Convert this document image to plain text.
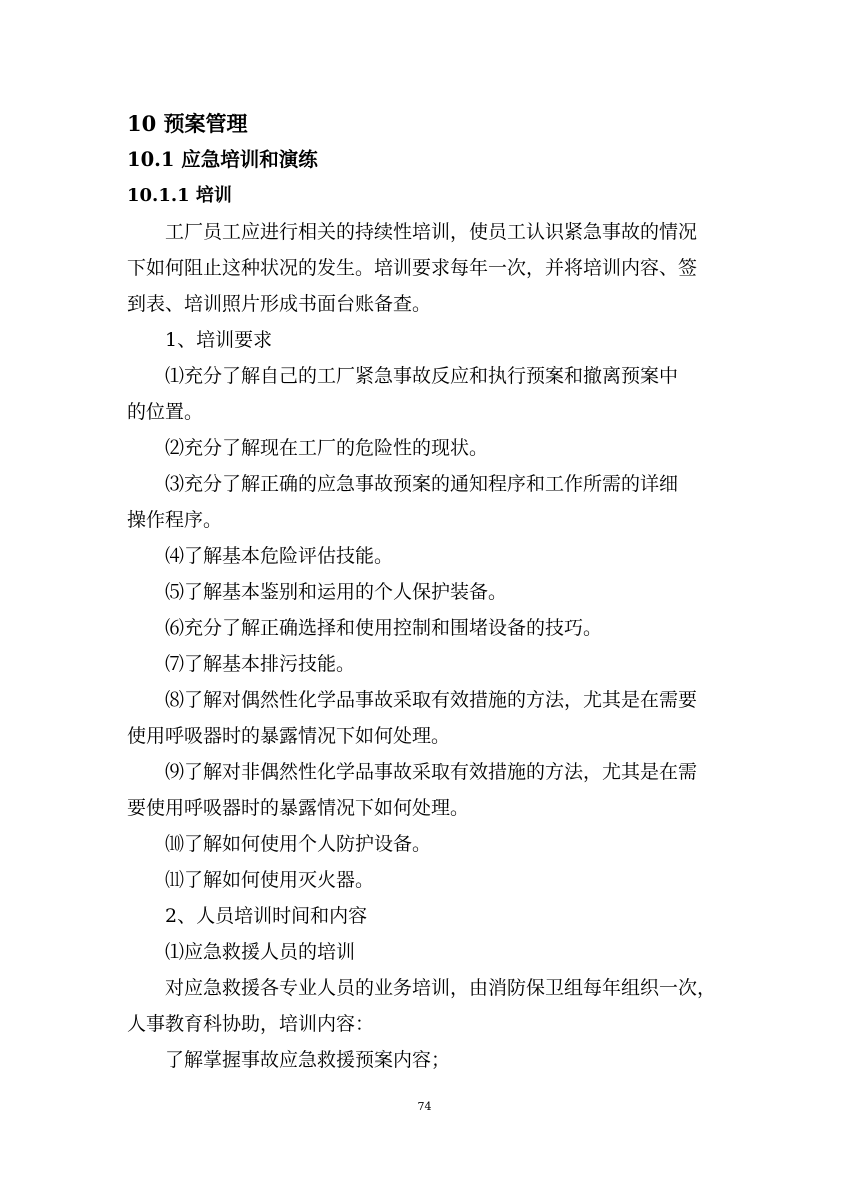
10 预案管理
10.1 应急培训和演练
10.1.1 培训
工厂员工应进行相关的持续性培训，使员工认识紧急事故的情况
下如何阻止这种状况的发生。培训要求每年一次，并将培训内容、签
到表、培训照片形成书面台账备查。
1、培训要求
⑴充分了解自己的工厂紧急事故反应和执行预案和撤离预案中
的位置。
⑵充分了解现在工厂的危险性的现状。
⑶充分了解正确的应急事故预案的通知程序和工作所需的详细
操作程序。
⑷了解基本危险评估技能。
⑸了解基本鉴别和运用的个人保护装备。
⑹充分了解正确选择和使用控制和围堵设备的技巧。
⑺了解基本排污技能。
⑻了解对偶然性化学品事故采取有效措施的方法，尤其是在需要
使用呼吸器时的暴露情况下如何处理。
⑼了解对非偶然性化学品事故采取有效措施的方法，尤其是在需
要使用呼吸器时的暴露情况下如何处理。
⑽了解如何使用个人防护设备。
⑾了解如何使用灭火器。
2、人员培训时间和内容
⑴应急救援人员的培训
对应急救援各专业人员的业务培训，由消防保卫组每年组织一次，
人事教育科协助，培训内容：
了解掌握事故应急救援预案内容；
74
